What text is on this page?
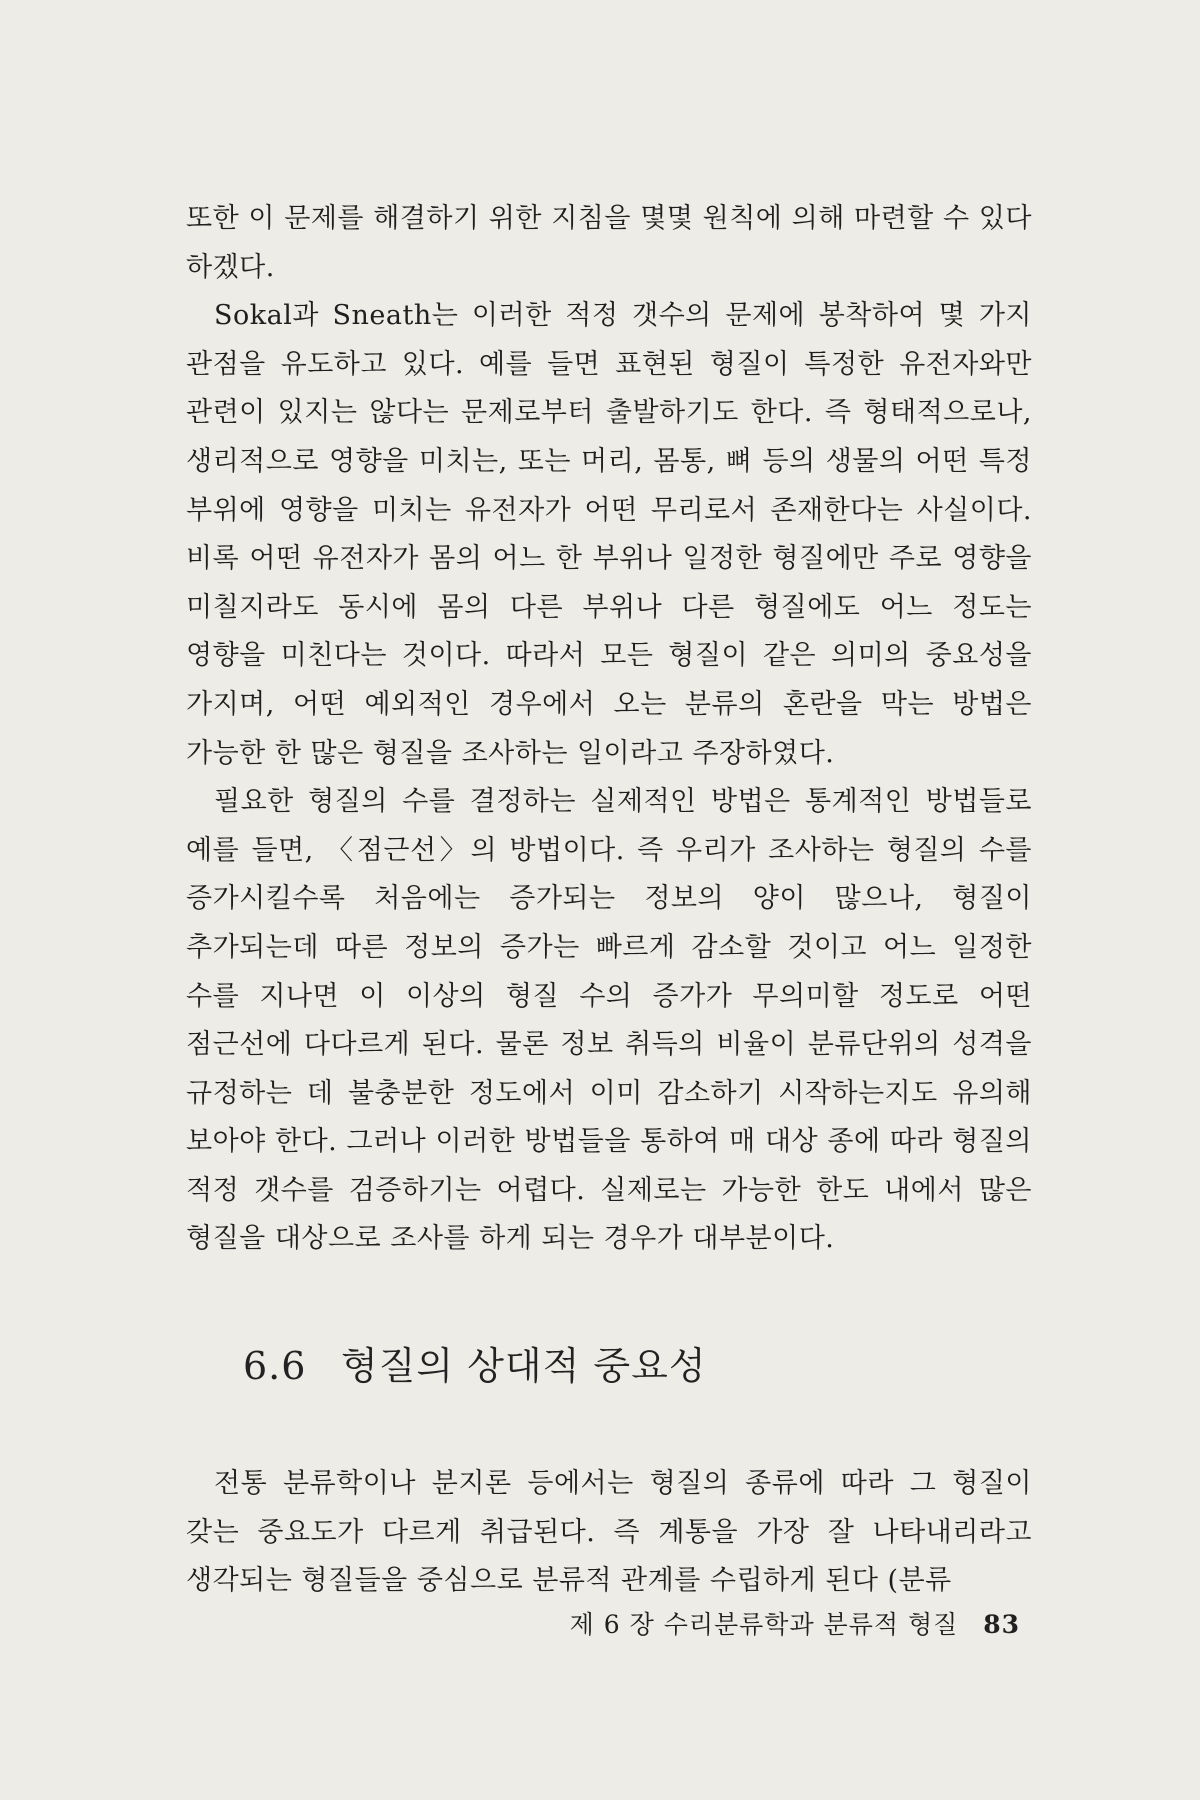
또한 이 문제를 해결하기 위한 지침을 몇몇 원칙에 의해 마련할 수 있다 하겠다.

Sokal과 Sneath는 이러한 적정 갯수의 문제에 봉착하여 몇 가지 관점을 유도하고 있다. 예를 들면 표현된 형질이 특정한 유전자와만 관련이 있지는 않다는 문제로부터 출발하기도 한다. 즉 형태적으로나, 생리적으로 영향을 미치는, 또는 머리, 몸통, 뼈 등의 생물의 어떤 특정 부위에 영향을 미치는 유전자가 어떤 무리로서 존재한다는 사실이다. 비록 어떤 유전자가 몸의 어느 한 부위나 일정한 형질에만 주로 영향을 미칠지라도 동시에 몸의 다른 부위나 다른 형질에도 어느 정도는 영향을 미친다는 것이다. 따라서 모든 형질이 같은 의미의 중요성을 가지며, 어떤 예외적인 경우에서 오는 분류의 혼란을 막는 방법은 가능한 한 많은 형질을 조사하는 일이라고 주장하였다.

필요한 형질의 수를 결정하는 실제적인 방법은 통계적인 방법들로 예를 들면, 〈점근선〉의 방법이다. 즉 우리가 조사하는 형질의 수를 증가시킬수록 처음에는 증가되는 정보의 양이 많으나, 형질이 추가되는데 따른 정보의 증가는 빠르게 감소할 것이고 어느 일정한 수를 지나면 이 이상의 형질 수의 증가가 무의미할 정도로 어떤 점근선에 다다르게 된다. 물론 정보 취득의 비율이 분류단위의 성격을 규정하는 데 불충분한 정도에서 이미 감소하기 시작하는지도 유의해 보아야 한다. 그러나 이러한 방법들을 통하여 매 대상 종에 따라 형질의 적정 갯수를 검증하기는 어렵다. 실제로는 가능한 한도 내에서 많은 형질을 대상으로 조사를 하게 되는 경우가 대부분이다.

6.6 형질의 상대적 중요성
제 6 장 수리분류학과 분류적 형질 83

전통 분류학이나 분지론 등에서는 형질의 종류에 따라 그 형질이 갖는 중요도가 다르게 취급된다. 즉 계통을 가장 잘 나타내리라고 생각되는 형질들을 중심으로 분류적 관계를 수립하게 된다 (분류
